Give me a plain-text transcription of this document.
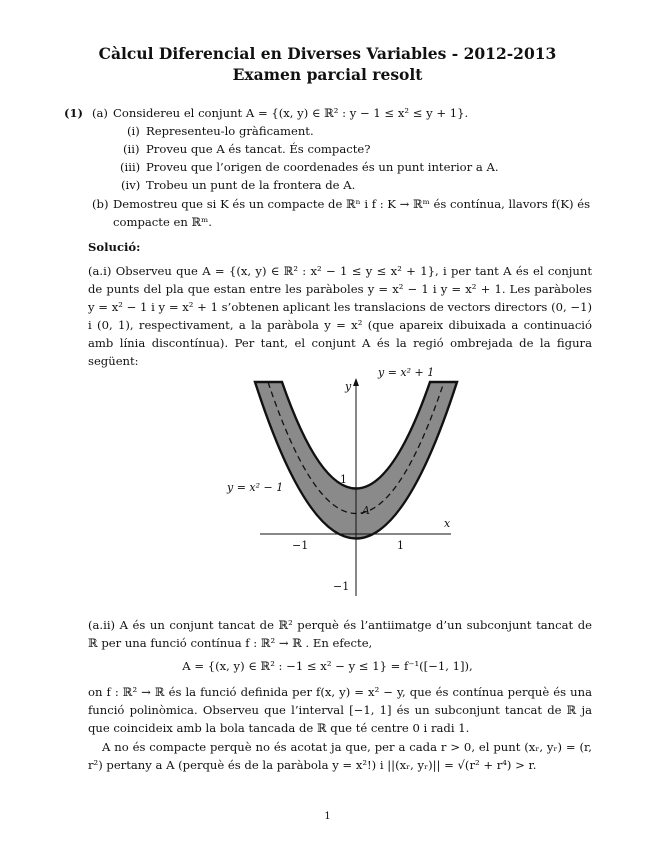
Càlcul Diferencial en Diverses Variables - 2012-2013
Examen parcial resolt
(1) (a) Considereu el conjunt A = {(x, y) ∈ ℝ² : y − 1 ≤ x² ≤ y + 1}.
(i) Representeu-lo gràficament.
(ii) Proveu que A és tancat. És compacte?
(iii) Proveu que l’origen de coordenades és un punt interior a A.
(iv) Trobeu un punt de la frontera de A.
(b) Demostreu que si K és un compacte de ℝⁿ i f : K → ℝᵐ és contínua, llavors f(K) és
compacte en ℝᵐ.
Solució:
(a.i) Observeu que A = {(x, y) ∈ ℝ² : x² − 1 ≤ y ≤ x² + 1}, i per tant A és el conjunt de punts del pla que estan entre les paràboles y = x² − 1 i y = x² + 1. Les paràboles y = x² − 1 i y = x² + 1 s’obtenen aplicant les translacions de vectors directors (0, −1) i (0, 1), respectivament, a la paràbola y = x² (que apareix dibuixada a continuació amb línia discontínua). Per tant, el conjunt A és la regió ombrejada de la figura següent:
y
x
A
1
−1
1
−1
y = x² + 1
y = x² − 1
(a.ii) A és un conjunt tancat de ℝ² perquè és l’antiimatge d’un subconjunt tancat de ℝ per una funció contínua f : ℝ² → ℝ . En efecte,
A = {(x, y) ∈ ℝ² : −1 ≤ x² − y ≤ 1} = f⁻¹([−1, 1]),
on f : ℝ² → ℝ és la funció definida per f(x, y) = x² − y, que és contínua perquè és una funció polinòmica. Observeu que l’interval [−1, 1] és un subconjunt tancat de ℝ ja que coincideix amb la bola tancada de ℝ que té centre 0 i radi 1.
A no és compacte perquè no és acotat ja que, per a cada r > 0, el punt (xᵣ, yᵣ) = (r, r²) pertany a A (perquè és de la paràbola y = x²!) i ||(xᵣ, yᵣ)|| = √(r² + r⁴) > r.
1
